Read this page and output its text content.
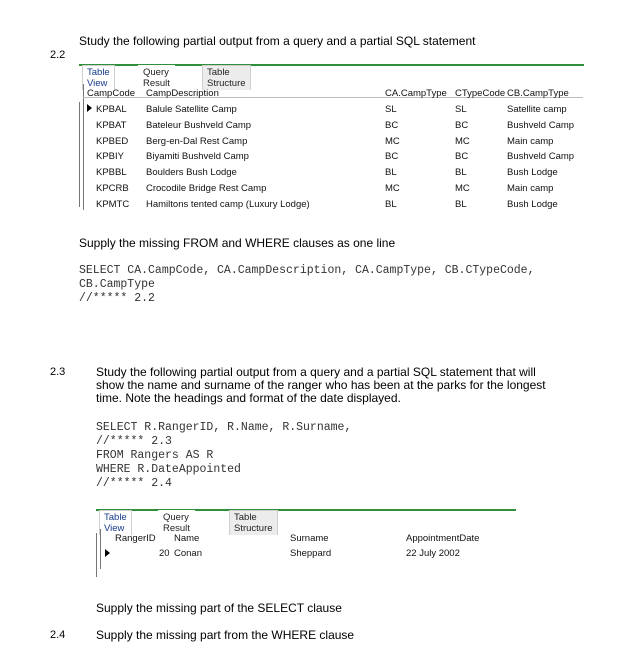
Study the following partial output from a query and a partial SQL statement
2.2
Table View
Query Result
Table Structure
CampCode CampDescription	CA.CampType CTypeCode CB.CampType
KPBAL Balule Satellite Camp	SL	SL	Satellite camp
KPBAT Bateleur Bushveld Camp	BC	BC	Bushveld Camp
KPBED Berg-en-Dal Rest Camp	MC	MC	Main camp
KPBIY Biyamiti Bushveld Camp	BC	BC	Bushveld Camp
KPBBL Boulders Bush Lodge	BL	BL	Bush Lodge
KPCRB Crocodile Bridge Rest Camp	MC	MC	Main camp
KPMTC Hamiltons tented camp (Luxury Lodge)	BL	BL	Bush Lodge
Supply the missing FROM and WHERE clauses as one line
SELECT CA.CampCode, CA.CampDescription, CA.CampType, CB.CTypeCode,
CB.CampType
//***** 2.2
2.3	Study the following partial output from a query and a partial SQL statement that will
show the name and surname of the ranger who has been at the parks for the longest
time. Note the headings and format of the date displayed.
SELECT R.RangerID, R.Name, R.Surname,
//***** 2.3
FROM Rangers AS R
WHERE R.DateAppointed
//***** 2.4
Table View
Query Result
Table Structure
RangerID Name	Surname	AppointmentDate
20 Conan	Sheppard	22 July 2002
Supply the missing part of the SELECT clause
2.4	Supply the missing part from the WHERE clause
